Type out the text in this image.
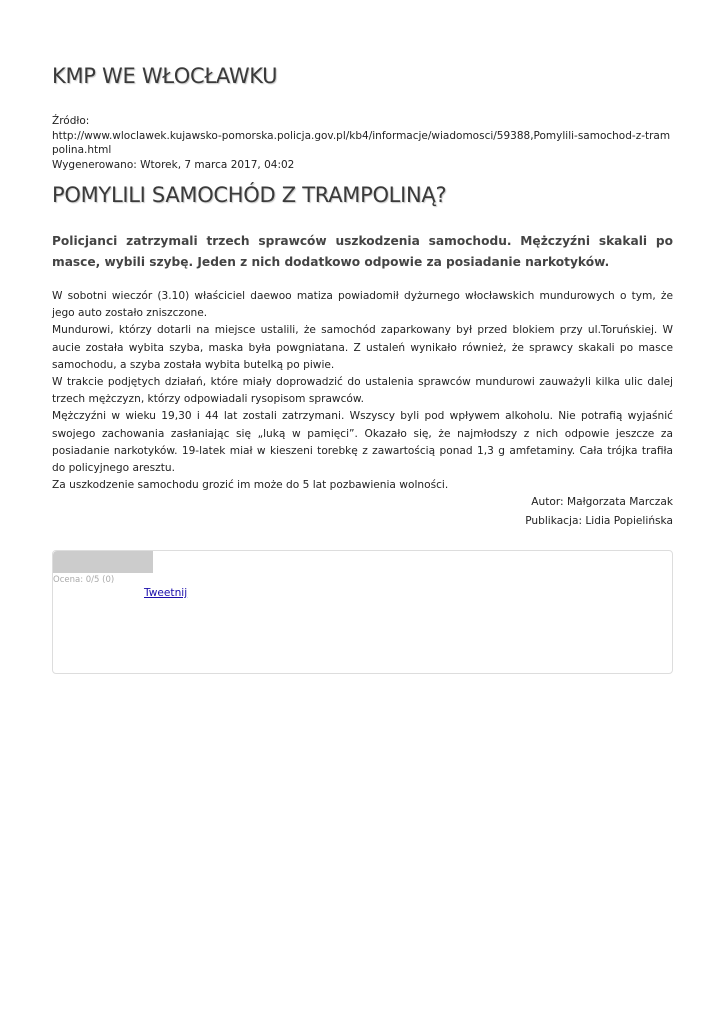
KMP WE WŁOCŁAWKU
Źródło:
http://www.wloclawek.kujawsko-pomorska.policja.gov.pl/kb4/informacje/wiadomosci/59388,Pomylili-samochod-z-trampolina.html
Wygenerowano: Wtorek, 7 marca 2017, 04:02
POMYLILI SAMOCHÓD Z TRAMPOLINĄ?

Policjanci zatrzymali trzech sprawców uszkodzenia samochodu. Mężczyźni skakali po masce, wybili szybę. Jeden z nich dodatkowo odpowie za posiadanie narkotyków.

W sobotni wieczór (3.10) właściciel daewoo matiza powiadomił dyżurnego włocławskich mundurowych o tym, że jego auto zostało zniszczone.

Mundurowi, którzy dotarli na miejsce ustalili, że samochód zaparkowany był przed blokiem przy ul.Toruńskiej. W aucie została wybita szyba, maska była powgniatana. Z ustaleń wynikało również, że sprawcy skakali po masce samochodu, a szyba została wybita butelką po piwie.

W trakcie podjętych działań, które miały doprowadzić do ustalenia sprawców mundurowi zauważyli kilka ulic dalej trzech mężczyzn, którzy odpowiadali rysopisom sprawców.

Mężczyźni w wieku 19,30 i 44 lat zostali zatrzymani. Wszyscy byli pod wpływem alkoholu. Nie potrafią wyjaśnić swojego zachowania zasłaniając się „luką w pamięci”. Okazało się, że najmłodszy z nich odpowie jeszcze za posiadanie narkotyków. 19-latek miał w kieszeni torebkę z zawartością ponad 1,3 g amfetaminy. Cała trójka trafiła do policyjnego aresztu.

Za uszkodzenie samochodu grozić im może do 5 lat pozbawienia wolności.

Autor: Małgorzata Marczak
Publikacja: Lidia Popielińska
Ocena: 0/5 (0)
Tweetnij
